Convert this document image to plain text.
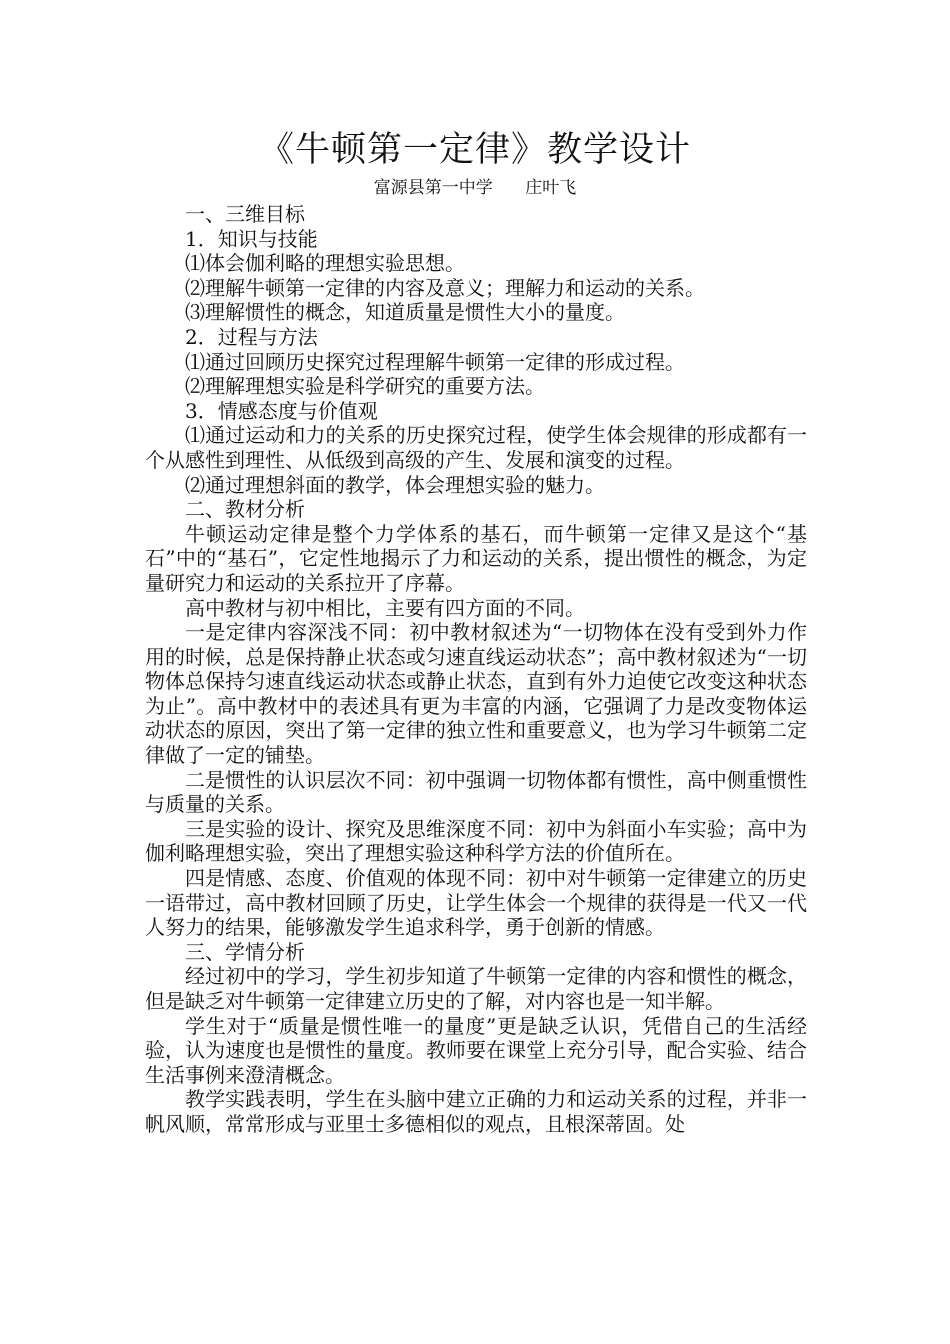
《牛顿第一定律》教学设计
富源县第一中学      庄叶飞

一、三维目标

1．知识与技能

⑴体会伽利略的理想实验思想。

⑵理解牛顿第一定律的内容及意义；理解力和运动的关系。

⑶理解惯性的概念，知道质量是惯性大小的量度。

2．过程与方法

⑴通过回顾历史探究过程理解牛顿第一定律的形成过程。

⑵理解理想实验是科学研究的重要方法。

3．情感态度与价值观

⑴通过运动和力的关系的历史探究过程，使学生体会规律的形成都有一个从感性到理性、从低级到高级的产生、发展和演变的过程。

⑵通过理想斜面的教学，体会理想实验的魅力。

二、教材分析

牛顿运动定律是整个力学体系的基石，而牛顿第一定律又是这个“基石”中的“基石”，它定性地揭示了力和运动的关系，提出惯性的概念，为定量研究力和运动的关系拉开了序幕。

高中教材与初中相比，主要有四方面的不同。

一是定律内容深浅不同：初中教材叙述为“一切物体在没有受到外力作用的时候，总是保持静止状态或匀速直线运动状态”；高中教材叙述为“一切物体总保持匀速直线运动状态或静止状态，直到有外力迫使它改变这种状态为止”。高中教材中的表述具有更为丰富的内涵，它强调了力是改变物体运动状态的原因，突出了第一定律的独立性和重要意义，也为学习牛顿第二定律做了一定的铺垫。

二是惯性的认识层次不同：初中强调一切物体都有惯性，高中侧重惯性与质量的关系。

三是实验的设计、探究及思维深度不同：初中为斜面小车实验；高中为伽利略理想实验，突出了理想实验这种科学方法的价值所在。

四是情感、态度、价值观的体现不同：初中对牛顿第一定律建立的历史一语带过，高中教材回顾了历史，让学生体会一个规律的获得是一代又一代人努力的结果，能够激发学生追求科学，勇于创新的情感。

三、学情分析

经过初中的学习，学生初步知道了牛顿第一定律的内容和惯性的概念，但是缺乏对牛顿第一定律建立历史的了解，对内容也是一知半解。

学生对于“质量是惯性唯一的量度”更是缺乏认识，凭借自己的生活经验，认为速度也是惯性的量度。教师要在课堂上充分引导，配合实验、结合生活事例来澄清概念。

教学实践表明，学生在头脑中建立正确的力和运动关系的过程，并非一帆风顺，常常形成与亚里士多德相似的观点，且根深蒂固。处
